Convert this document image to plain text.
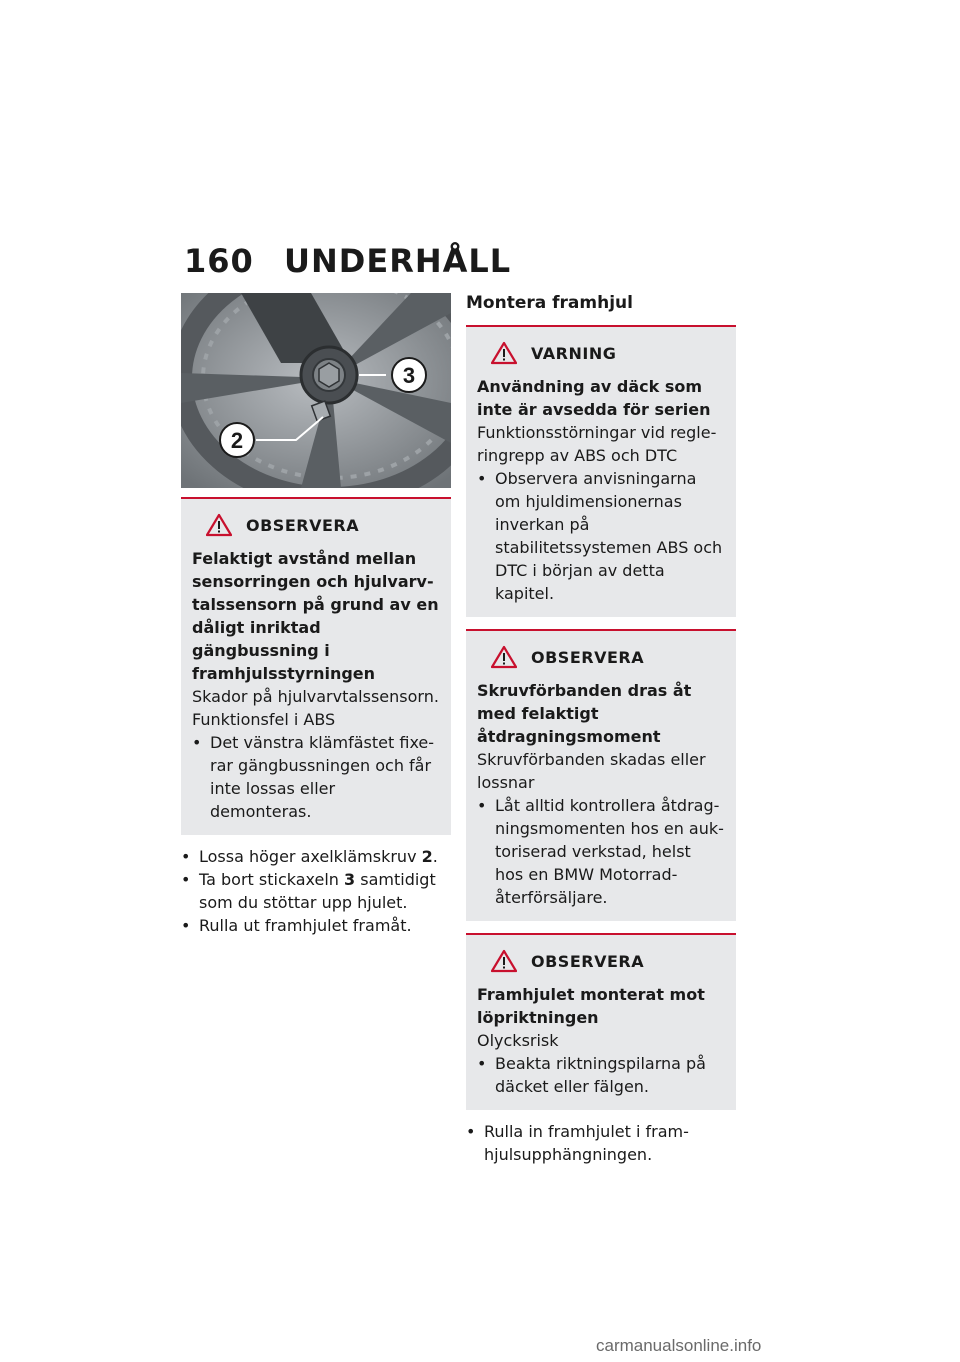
160 UNDERHÅLL
3
2
OBSERVERA
Felaktigt avstånd mellan sensorringen och hjulvarvtalssensorn på grund av en dåligt inriktad gängbussning i framhjulsstyrningen

Skador på hjulvarvtalssensorn.

Funktionsfel i ABS

• Det vänstra klämfästet fixerar gängbussningen och får inte lossas eller demonteras.
• Lossa höger axelklämskruv 2.
• Ta bort stickaxeln 3 samtidigt som du stöttar upp hjulet.
• Rulla ut framhjulet framåt.
Montera framhjul
VARNING
Användning av däck som inte är avsedda för serien

Funktionsstörningar vid regleringrepp av ABS och DTC

• Observera anvisningarna om hjuldimensionernas inverkan på stabilitetssystemen ABS och DTC i början av detta kapitel.
OBSERVERA
Skruvförbanden dras åt med felaktigt åtdragningsmoment

Skruvförbanden skadas eller lossnar

• Låt alltid kontrollera åtdragningsmomenten hos en auktoriserad verkstad, helst hos en BMW Motorrad-återförsäljare.
OBSERVERA
Framhjulet monterat mot löpriktningen

Olycksrisk

• Beakta riktningspilarna på däcket eller fälgen.
• Rulla in framhjulet i framhjulsupphängningen.
carmanualsonline.info
